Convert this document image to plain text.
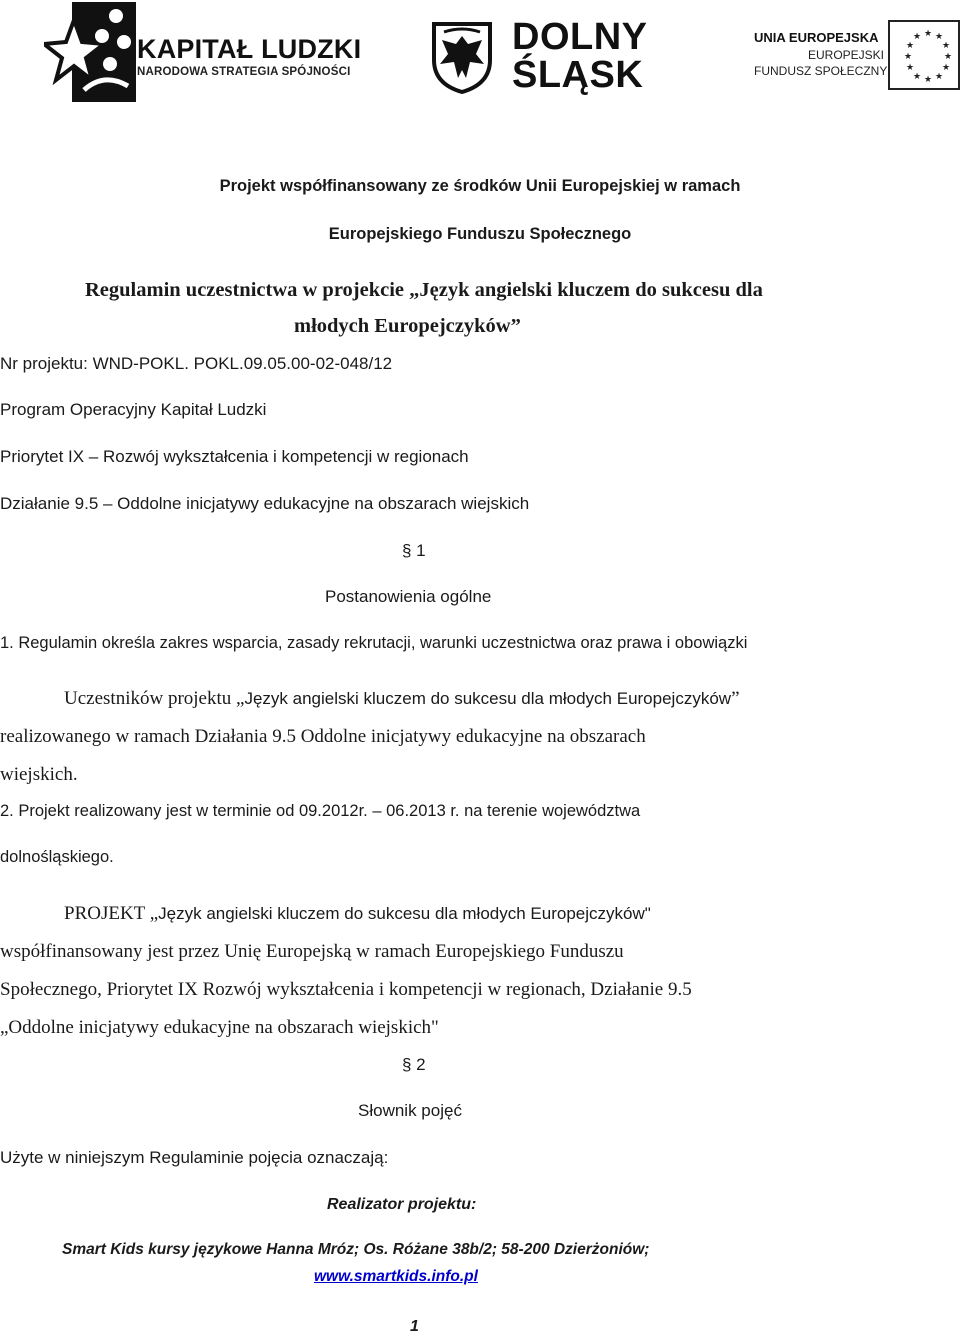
KAPITAŁ LUDZKI
NARODOWA STRATEGIA SPÓJNOŚCI
DOLNY
ŚLĄSK
UNIA EUROPEJSKA
EUROPEJSKI
FUNDUSZ SPOŁECZNY
★ ★
★
★
★
★
★
★
★
★
★
★
Projekt współfinansowany ze środków Unii Europejskiej w ramach
Europejskiego Funduszu Społecznego
Regulamin uczestnictwa w projekcie „Język angielski kluczem do sukcesu dla
młodych Europejczyków”
Nr projektu: WND-POKL. POKL.09.05.00-02-048/12
Program Operacyjny Kapitał Ludzki
Priorytet IX – Rozwój wykształcenia i kompetencji w regionach
Działanie 9.5 – Oddolne inicjatywy edukacyjne na obszarach wiejskich
§ 1
Postanowienia ogólne
1. Regulamin określa zakres wsparcia, zasady rekrutacji, warunki uczestnictwa oraz prawa i obowiązki
Uczestników projektu „Język angielski kluczem do sukcesu dla młodych Europejczyków”
realizowanego w ramach Działania 9.5 Oddolne inicjatywy edukacyjne na obszarach
wiejskich.
2. Projekt realizowany jest w terminie od 09.2012r. – 06.2013 r. na terenie województwa
dolnośląskiego.
PROJEKT „Język angielski kluczem do sukcesu dla młodych Europejczyków"
współfinansowany jest przez Unię Europejską w ramach Europejskiego Funduszu
Społecznego, Priorytet IX Rozwój wykształcenia i kompetencji w regionach, Działanie 9.5
„Oddolne inicjatywy edukacyjne na obszarach wiejskich"
§ 2
Słownik pojęć
Użyte w niniejszym Regulaminie pojęcia oznaczają:
Realizator projektu:
Smart Kids kursy językowe Hanna Mróz; Os. Różane 38b/2; 58-200 Dzierżoniów;
www.smartkids.info.pl
1
